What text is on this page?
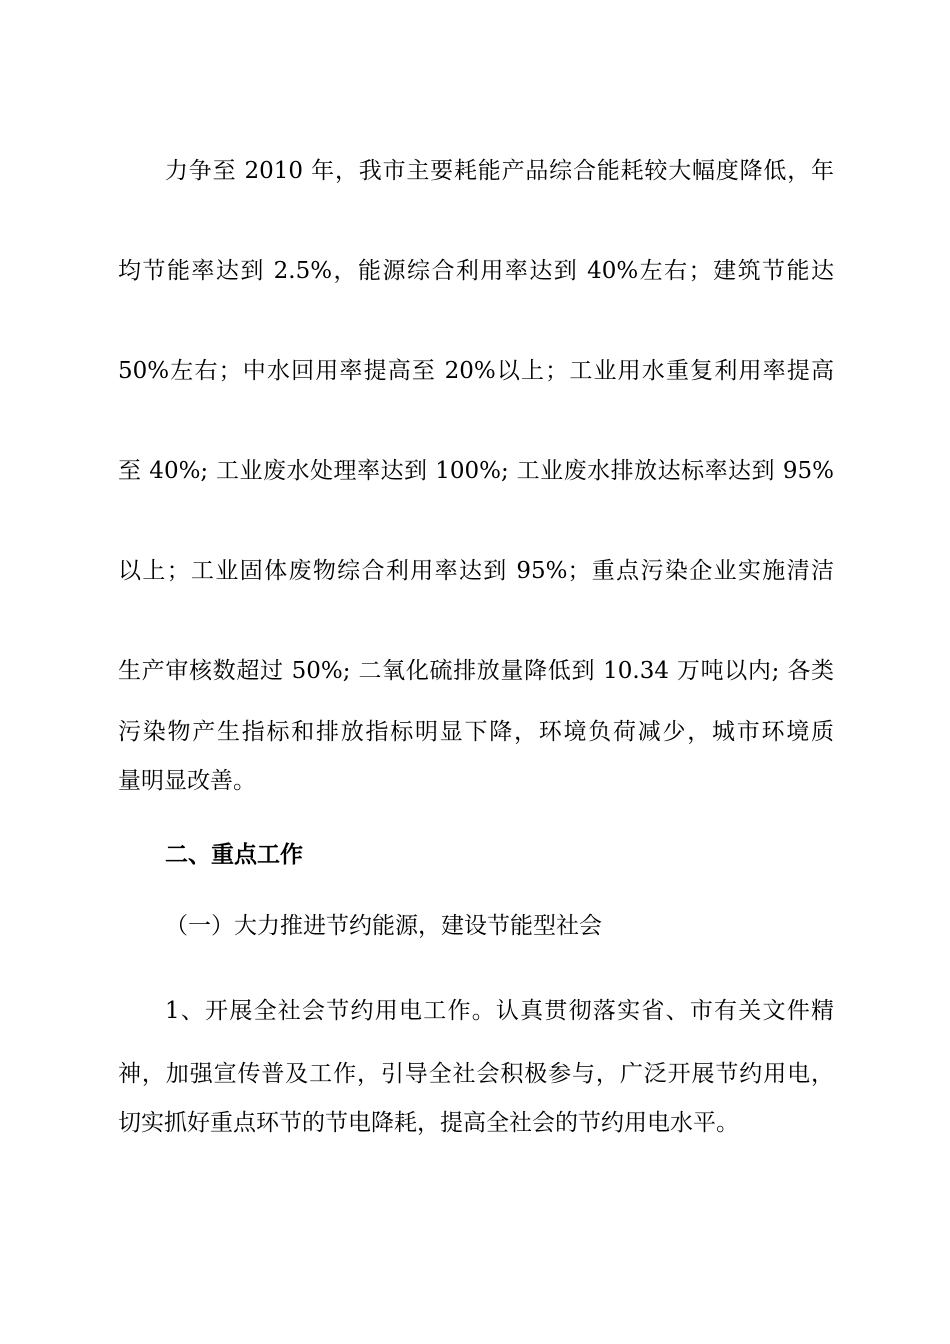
力争至 2010 年，我市主要耗能产品综合能耗较大幅度降低，年
均节能率达到 2.5%，能源综合利用率达到 40%左右；建筑节能达
50%左右；中水回用率提高至 20%以上；工业用水重复利用率提高
至 40%; 工业废水处理率达到 100%; 工业废水排放达标率达到 95%
以上；工业固体废物综合利用率达到 95%；重点污染企业实施清洁
生产审核数超过 50%; 二氧化硫排放量降低到 10.34 万吨以内; 各类
污染物产生指标和排放指标明显下降，环境负荷减少，城市环境质
量明显改善。
二、重点工作
（一）大力推进节约能源，建设节能型社会
1、开展全社会节约用电工作。认真贯彻落实省、市有关文件精
神，加强宣传普及工作，引导全社会积极参与，广泛开展节约用电，
切实抓好重点环节的节电降耗，提高全社会的节约用电水平。
